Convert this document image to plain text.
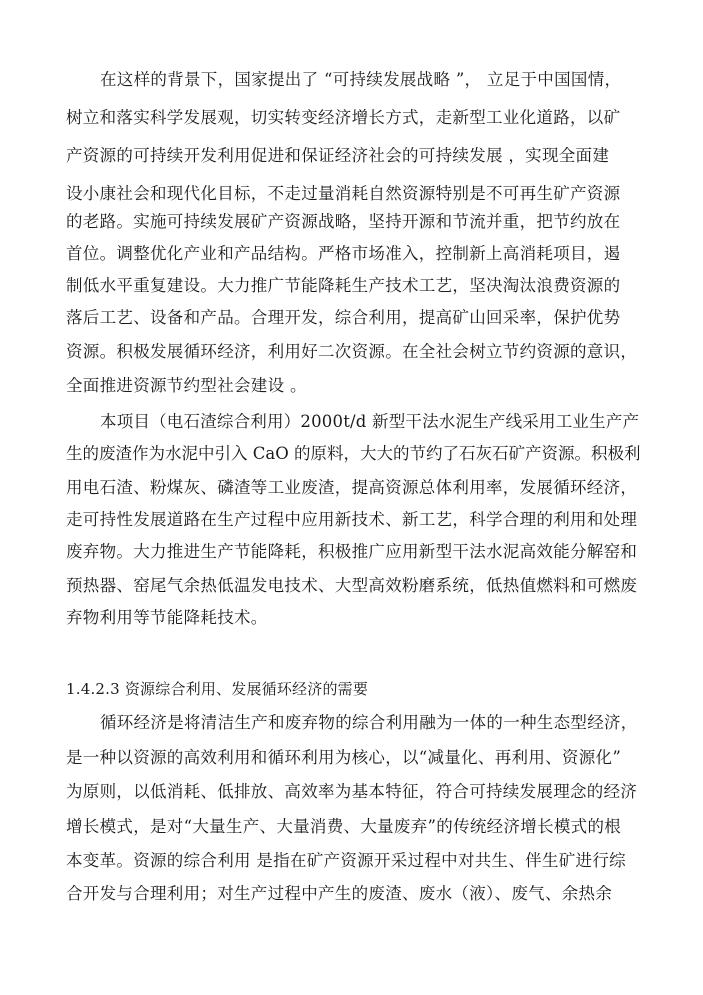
在这样的背景下，国家提出了 “可持续发展战略 ”， 立足于中国国情，
树立和落实科学发展观，切实转变经济增长方式，走新型工业化道路，以矿
产资源的可持续开发利用促进和保证经济社会的可持续发展 ，实现全面建
设小康社会和现代化目标，不走过量消耗自然资源特别是不可再生矿产资源
的老路。实施可持续发展矿产资源战略，坚持开源和节流并重，把节约放在
首位。调整优化产业和产品结构。严格市场准入，控制新上高消耗项目，遏
制低水平重复建设。大力推广节能降耗生产技术工艺，坚决淘汰浪费资源的
落后工艺、设备和产品。合理开发，综合利用，提高矿山回采率，保护优势
资源。积极发展循环经济，利用好二次资源。在全社会树立节约资源的意识，
全面推进资源节约型社会建设 。
本项目（电石渣综合利用）2000t/d 新型干法水泥生产线采用工业生产产
生的废渣作为水泥中引入 CaO 的原料，大大的节约了石灰石矿产资源。积极利
用电石渣、粉煤灰、磷渣等工业废渣，提高资源总体利用率，发展循环经济，
走可持性发展道路在生产过程中应用新技术、新工艺，科学合理的利用和处理
废弃物。大力推进生产节能降耗，积极推广应用新型干法水泥高效能分解窑和
预热器、窑尾气余热低温发电技术、大型高效粉磨系统，低热值燃料和可燃废
弃物利用等节能降耗技术。
1.4.2.3 资源综合利用、发展循环经济的需要
循环经济是将清洁生产和废弃物的综合利用融为一体的一种生态型经济，
是一种以资源的高效利用和循环利用为核心，以“减量化、再利用、资源化”
为原则，以低消耗、低排放、高效率为基本特征，符合可持续发展理念的经济
增长模式，是对“大量生产、大量消费、大量废弃”的传统经济增长模式的根
本变革。资源的综合利用 是指在矿产资源开采过程中对共生、伴生矿进行综
合开发与合理利用；对生产过程中产生的废渣、废水（液）、废气、余热余
